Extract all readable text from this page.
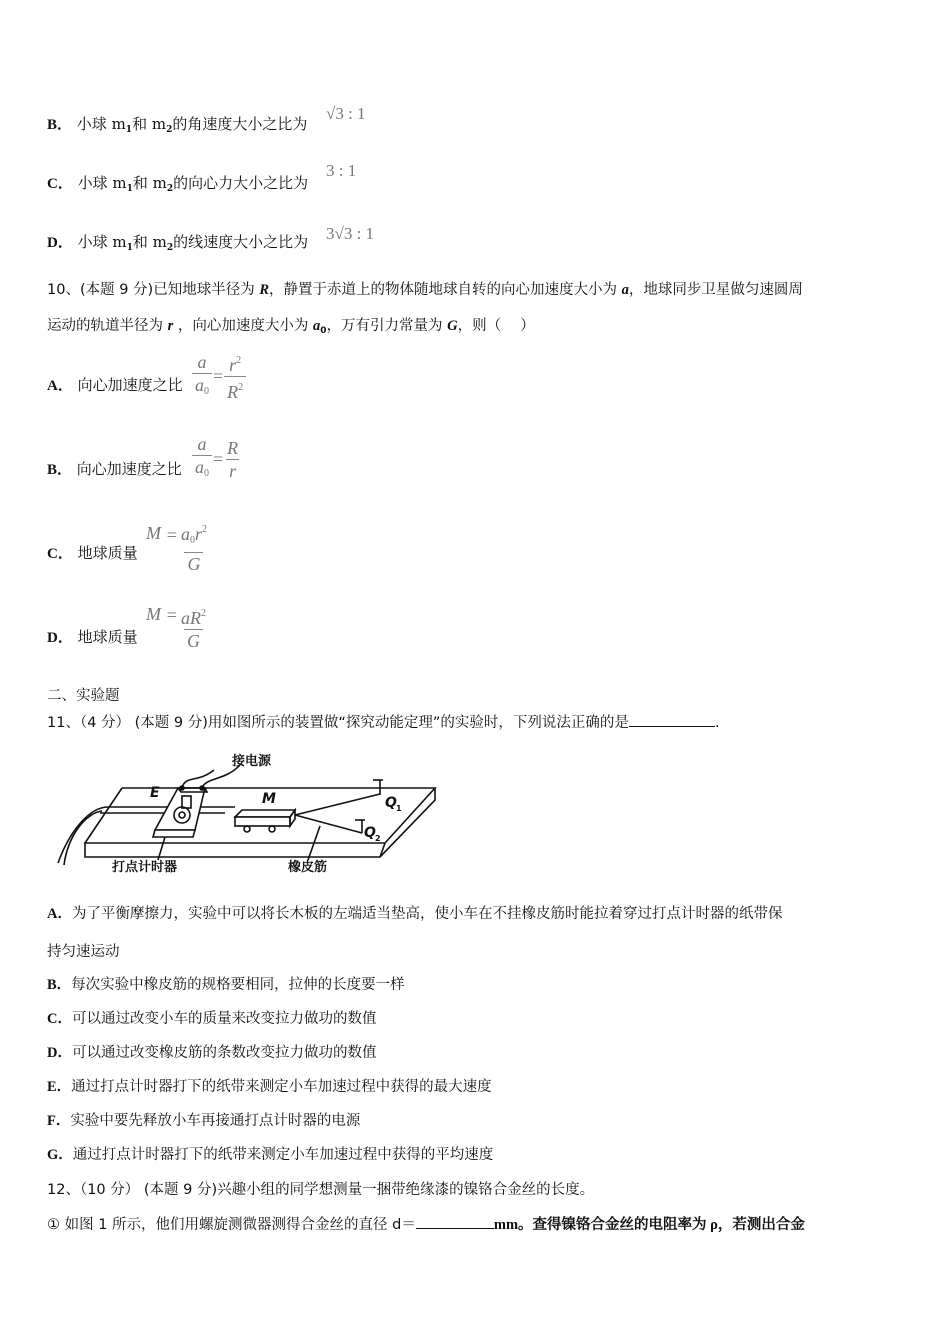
B． 小球 $m_1$和 $m_2$的角速度大小之比为
√3 : 1
C． 小球 $m_1$和 $m_2$的向心力大小之比为
3 : 1
D． 小球 $m_1$和 $m_2$的线速度大小之比为 3√3 : 1
10、(本题 9 分)已知地球半径为 R，静置于赤道上的物体随地球自转的向心加速度大小为 a，地球同步卫星做匀速圆周
运动的轨道半径为 r ，向心加速度大小为 $a_0$，万有引力常量为 G，则（　 ）
A． 向心加速度之比 $\frac{a}{a_0} = \frac{r^2}{R^2}$
B． 向心加速度之比 $\frac{a}{a_0} = \frac{R}{r}$
C． 地球质量
$M = \frac{a_0r^2}{G}$
D． 地球质量
$M = \frac{aR^2}{G}$
二、实验题
11、（4 分） (本题 9 分)用如图所示的装置做“探究动能定理”的实验时，下列说法正确的是	.
接电源
E	M	Q 1
Q 2
打点计时器	橡皮筋
A．为了平衡摩擦力，实验中可以将长木板的左端适当垫高，使小车在不挂橡皮筋时能拉着穿过打点计时器的纸带保
持匀速运动
B．每次实验中橡皮筋的规格要相同，拉伸的长度要一样
C．可以通过改变小车的质量来改变拉力做功的数值
D．可以通过改变橡皮筋的条数改变拉力做功的数值
E．通过打点计时器打下的纸带来测定小车加速过程中获得的最大速度
F．实验中要先释放小车再接通打点计时器的电源
G．通过打点计时器打下的纸带来测定小车加速过程中获得的平均速度
12、（10 分） (本题 9 分)兴趣小组的同学想测量一捆带绝缘漆的镍铬合金丝的长度。
① 如图 1 所示，他们用螺旋测微器测得合金丝的直径 d＝	mm。查得镍铬合金丝的电阻率为 ρ，若测出合金
